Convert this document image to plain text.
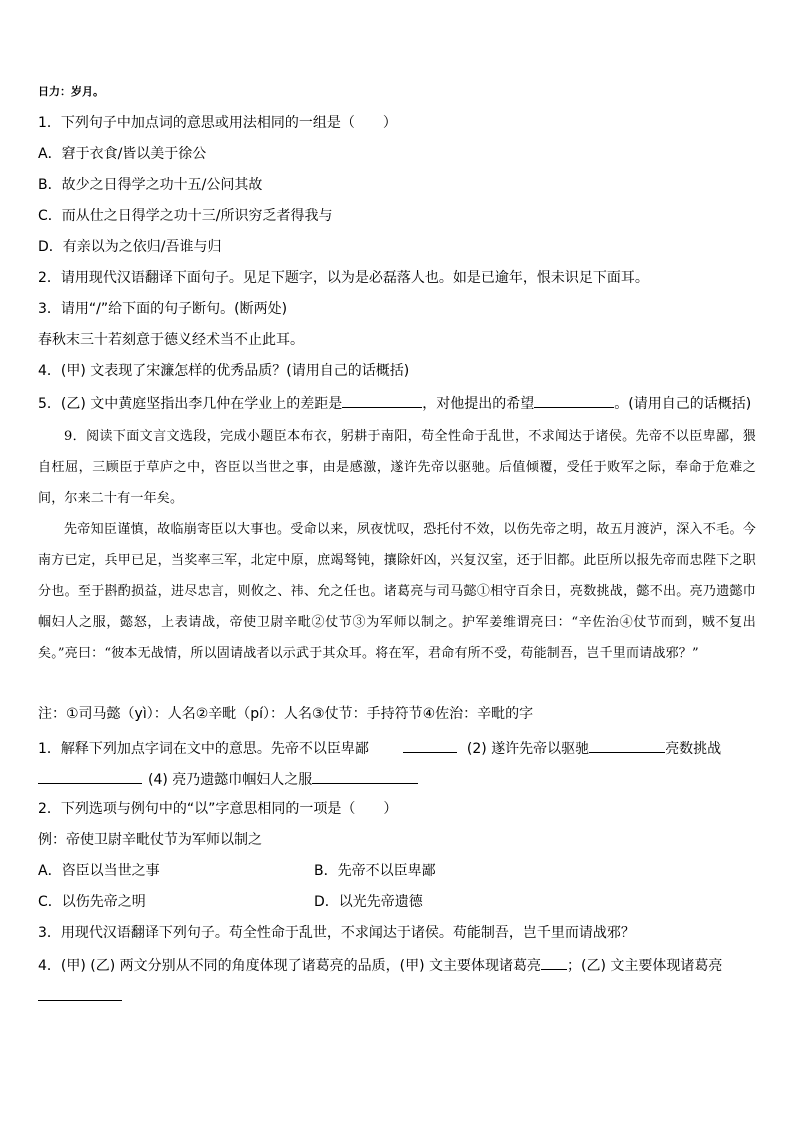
日力：岁月。
1．下列句子中加点词的意思或用法相同的一组是（　　）
A．窘于衣食/皆以美于徐公
B．故少之日得学之功十五/公问其故
C．而从仕之日得学之功十三/所识穷乏者得我与
D．有亲以为之依归/吾谁与归
2．请用现代汉语翻译下面句子。见足下题字，以为是必磊落人也。如是已逾年，恨未识足下面耳。
3．请用“/”给下面的句子断句。(断两处)
春秋末三十若刻意于德义经术当不止此耳。
4．(甲) 文表现了宋濂怎样的优秀品质？(请用自己的话概括)
5．(乙) 文中黄庭坚指出李几仲在学业上的差距是	，对他提出的希望	。(请用自己的话概括)
9．阅读下面文言文选段，完成小题臣本布衣，躬耕于南阳，苟全性命于乱世，不求闻达于诸侯。先帝不以臣卑鄙，猥自枉屈，三顾臣于草庐之中，咨臣以当世之事，由是感激，遂许先帝以驱驰。后值倾覆，受任于败军之际，奉命于危难之间，尔来二十有一年矣。
先帝知臣谨慎，故临崩寄臣以大事也。受命以来，夙夜忧叹，恐托付不效，以伤先帝之明，故五月渡泸，深入不毛。今南方已定，兵甲已足，当奖率三军，北定中原，庶竭驽钝，攘除奸凶，兴复汉室，还于旧都。此臣所以报先帝而忠陛下之职分也。至于斟酌损益，进尽忠言，则攸之、祎、允之任也。诸葛亮与司马懿①相守百余日，亮数挑战，懿不出。亮乃遗懿巾帼妇人之服，懿怒，上表请战，帝使卫尉辛毗②仗节③为军师以制之。护军姜维谓亮曰：“辛佐治④仗节而到，贼不复出矣。”亮曰：“彼本无战情，所以固请战者以示武于其众耳。将在军，君命有所不受，苟能制吾，岂千里而请战邪？”
注：①司马懿（yì）：人名②辛毗（pí）：人名③仗节：手持符节④佐治：辛毗的字
1．解释下列加点字词在文中的意思。先帝不以臣卑鄙	(2) 遂许先帝以驱驰	亮数挑战
(4) 亮乃遗懿巾帼妇人之服
2．下列选项与例句中的“以”字意思相同的一项是（　　）
例：帝使卫尉辛毗仗节为军师以制之
A．咨臣以当世之事	B．先帝不以臣卑鄙
C．以伤先帝之明	D．以光先帝遗德
3．用现代汉语翻译下列句子。苟全性命于乱世，不求闻达于诸侯。苟能制吾，岂千里而请战邪？
4．(甲) (乙) 两文分别从不同的角度体现了诸葛亮的品质，(甲) 文主要体现诸葛亮 ；(乙) 文主要体现诸葛亮
